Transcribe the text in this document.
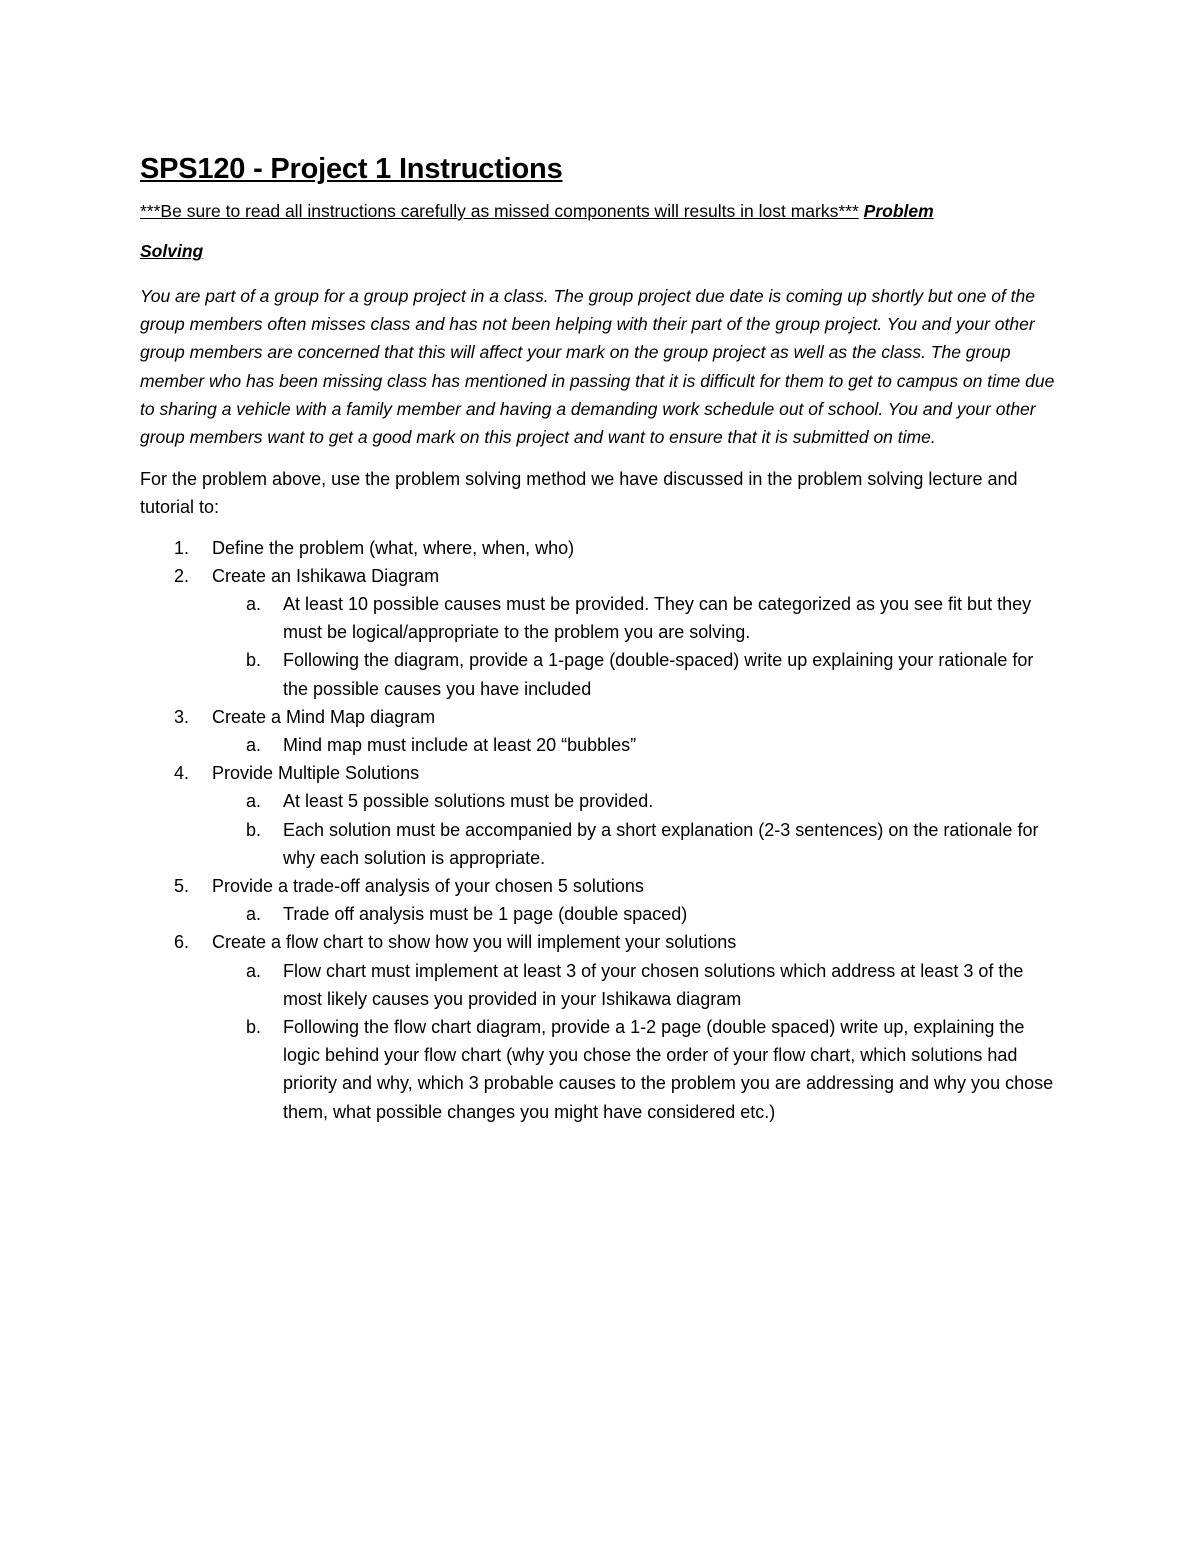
SPS120 - Project 1 Instructions
***Be sure to read all instructions carefully as missed components will results in lost marks*** Problem
Solving

You are part of a group for a group project in a class. The group project due date is coming up shortly but one of the group members often misses class and has not been helping with their part of the group project. You and your other group members are concerned that this will affect your mark on the group project as well as the class. The group member who has been missing class has mentioned in passing that it is difficult for them to get to campus on time due to sharing a vehicle with a family member and having a demanding work schedule out of school. You and your other group members want to get a good mark on this project and want to ensure that it is submitted on time.

For the problem above, use the problem solving method we have discussed in the problem solving lecture and tutorial to:

1. Define the problem (what, where, when, who)
2. Create an Ishikawa Diagram
a. At least 10 possible causes must be provided. They can be categorized as you see fit but they must be logical/appropriate to the problem you are solving.
b. Following the diagram, provide a 1-page (double-spaced) write up explaining your rationale for the possible causes you have included
3. Create a Mind Map diagram
a. Mind map must include at least 20 “bubbles”
4. Provide Multiple Solutions
a. At least 5 possible solutions must be provided.
b. Each solution must be accompanied by a short explanation (2-3 sentences) on the rationale for why each solution is appropriate.
5. Provide a trade-off analysis of your chosen 5 solutions
a. Trade off analysis must be 1 page (double spaced)
6. Create a flow chart to show how you will implement your solutions
a. Flow chart must implement at least 3 of your chosen solutions which address at least 3 of the most likely causes you provided in your Ishikawa diagram
b. Following the flow chart diagram, provide a 1-2 page (double spaced) write up, explaining the logic behind your flow chart (why you chose the order of your flow chart, which solutions had priority and why, which 3 probable causes to the problem you are addressing and why you chose them, what possible changes you might have considered etc.)
